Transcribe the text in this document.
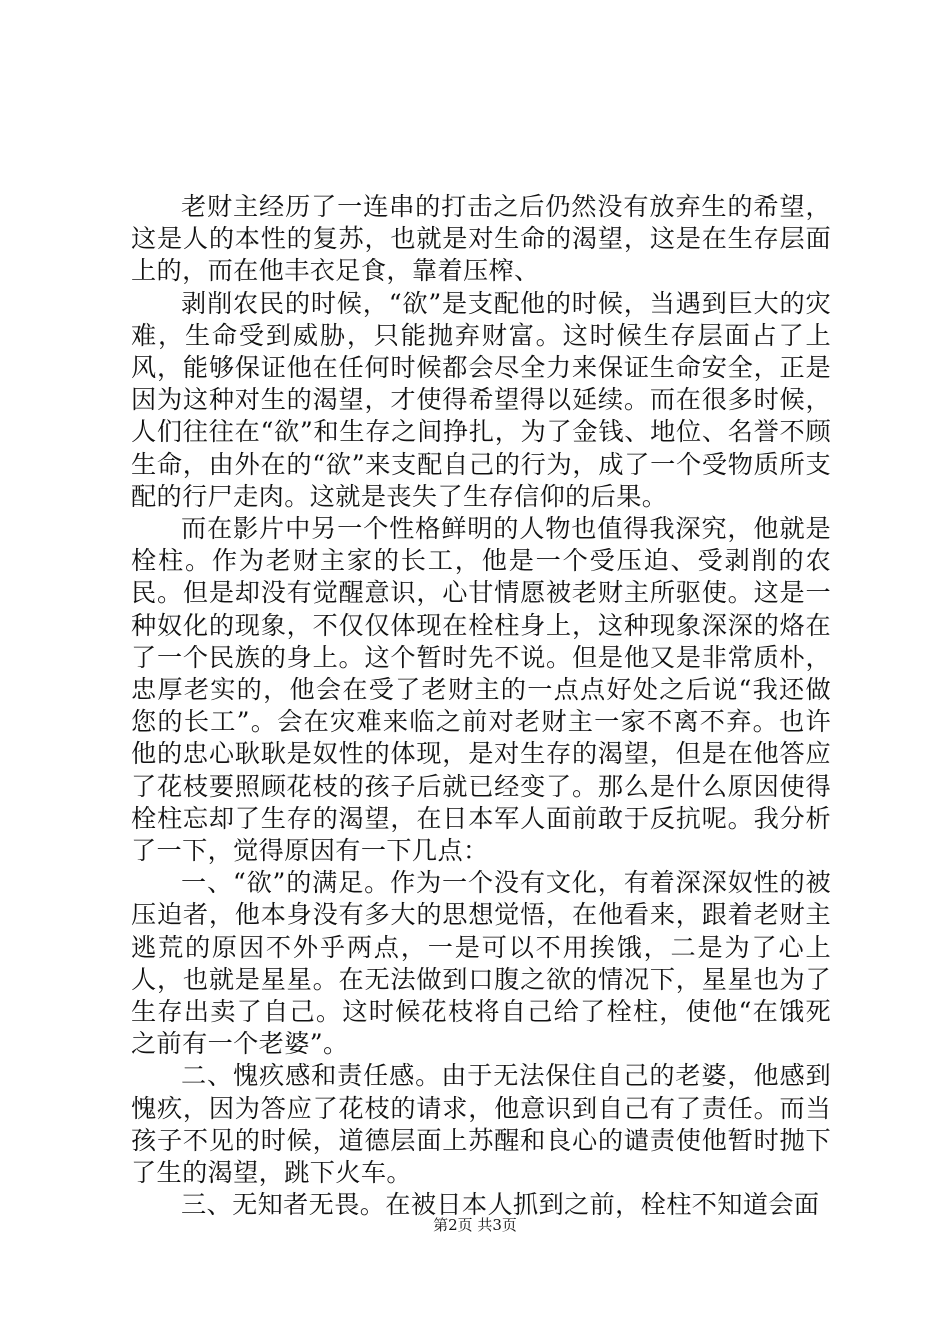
老财主经历了一连串的打击之后仍然没有放弃生的希望，这是人的本性的复苏，也就是对生命的渴望，这是在生存层面上的，而在他丰衣足食，靠着压榨、

剥削农民的时候，“欲”是支配他的时候，当遇到巨大的灾难，生命受到威胁，只能抛弃财富。这时候生存层面占了上风，能够保证他在任何时候都会尽全力来保证生命安全，正是因为这种对生的渴望，才使得希望得以延续。而在很多时候，人们往往在“欲”和生存之间挣扎，为了金钱、地位、名誉不顾生命，由外在的“欲”来支配自己的行为，成了一个受物质所支配的行尸走肉。这就是丧失了生存信仰的后果。

而在影片中另一个性格鲜明的人物也值得我深究，他就是栓柱。作为老财主家的长工，他是一个受压迫、受剥削的农民。但是却没有觉醒意识，心甘情愿被老财主所驱使。这是一种奴化的现象，不仅仅体现在栓柱身上，这种现象深深的烙在了一个民族的身上。这个暂时先不说。但是他又是非常质朴，忠厚老实的，他会在受了老财主的一点点好处之后说“我还做您的长工”。会在灾难来临之前对老财主一家不离不弃。也许他的忠心耿耿是奴性的体现，是对生存的渴望，但是在他答应了花枝要照顾花枝的孩子后就已经变了。那么是什么原因使得栓柱忘却了生存的渴望，在日本军人面前敢于反抗呢。我分析了一下，觉得原因有一下几点：

一、“欲”的满足。作为一个没有文化，有着深深奴性的被压迫者，他本身没有多大的思想觉悟，在他看来，跟着老财主逃荒的原因不外乎两点，一是可以不用挨饿，二是为了心上人，也就是星星。在无法做到口腹之欲的情况下，星星也为了生存出卖了自己。这时候花枝将自己给了栓柱，使他“在饿死之前有一个老婆”。

二、愧疚感和责任感。由于无法保住自己的老婆，他感到愧疚，因为答应了花枝的请求，他意识到自己有了责任。而当孩子不见的时候，道德层面上苏醒和良心的谴责使他暂时抛下了生的渴望，跳下火车。

三、无知者无畏。在被日本人抓到之前，栓柱不知道会面

第2页 共3页
